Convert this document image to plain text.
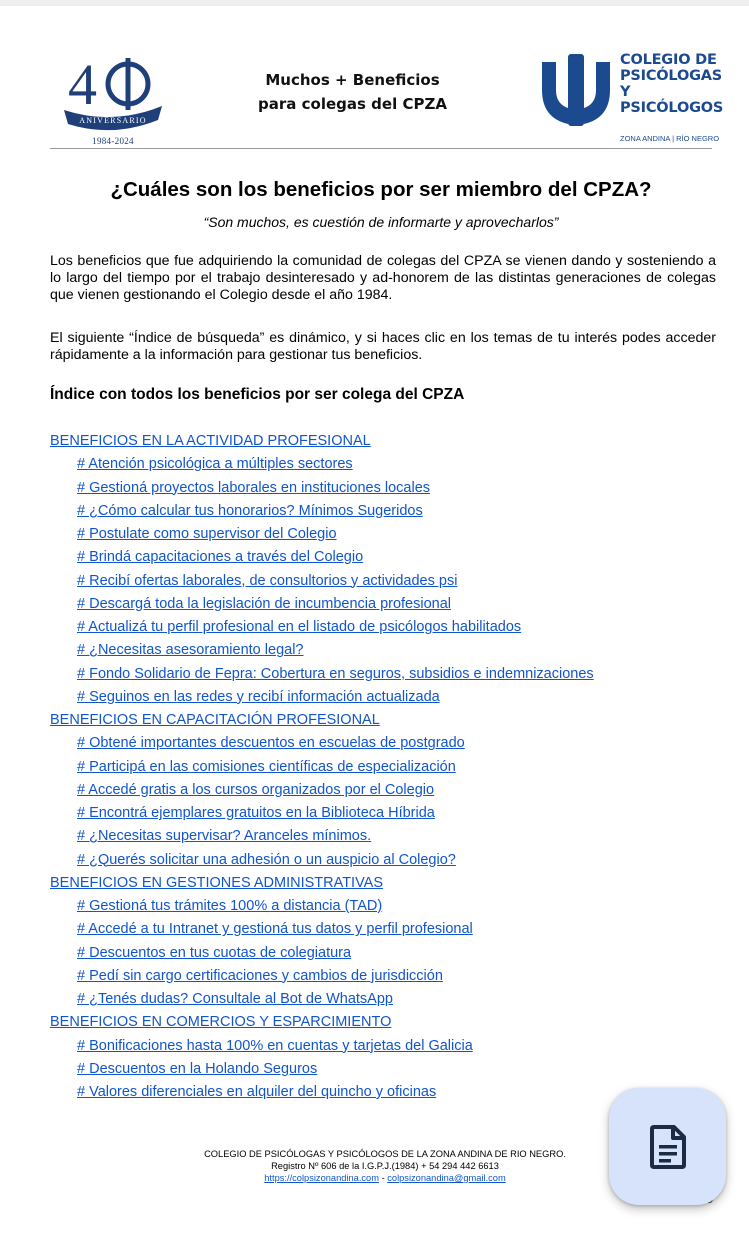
4
ANIVERSARIO
1984-2024
Muchos + Beneficios
para colegas del CPZA
COLEGIO DE
PSICÓLOGAS
Y PSICÓLOGOS
ZONA ANDINA | RÍO NEGRO
¿Cuáles son los beneficios por ser miembro del CPZA?
“Son muchos, es cuestión de informarte y aprovecharlos”
Los beneficios que fue adquiriendo la comunidad de colegas del CPZA se vienen dando y sosteniendo a lo largo del tiempo por el trabajo desinteresado y ad-honorem de las distintas generaciones de colegas que vienen gestionando el Colegio desde el año 1984.
El siguiente “Índice de búsqueda” es dinámico, y si haces clic en los temas de tu interés podes acceder rápidamente a la información para gestionar tus beneficios.
Índice con todos los beneficios por ser colega del CPZA
BENEFICIOS EN LA ACTIVIDAD PROFESIONAL
# Atención psicológica a múltiples sectores
# Gestioná proyectos laborales en instituciones locales
# ¿Cómo calcular tus honorarios? Mínimos Sugeridos
# Postulate como supervisor del Colegio
# Brindá capacitaciones a través del Colegio
# Recibí ofertas laborales, de consultorios y actividades psi
# Descargá toda la legislación de incumbencia profesional
# Actualizá tu perfil profesional en el listado de psicólogos habilitados
# ¿Necesitas asesoramiento legal?
# Fondo Solidario de Fepra: Cobertura en seguros, subsidios e indemnizaciones
# Seguinos en las redes y recibí información actualizada
BENEFICIOS EN CAPACITACIÓN PROFESIONAL
# Obtené importantes descuentos en escuelas de postgrado
# Participá en las comisiones científicas de especialización
# Accedé gratis a los cursos organizados por el Colegio
# Encontrá ejemplares gratuitos en la Biblioteca Híbrida
# ¿Necesitas supervisar? Aranceles mínimos.
# ¿Querés solicitar una adhesión o un auspicio al Colegio?
BENEFICIOS EN GESTIONES ADMINISTRATIVAS
# Gestioná tus trámites 100% a distancia (TAD)
# Accedé a tu Intranet y gestioná tus datos y perfil profesional
# Descuentos en tus cuotas de colegiatura
# Pedí sin cargo certificaciones y cambios de jurisdicción
# ¿Tenés dudas? Consultale al Bot de WhatsApp
BENEFICIOS EN COMERCIOS Y ESPARCIMIENTO
# Bonificaciones hasta 100% en cuentas y tarjetas del Galicia
# Descuentos en la Holando Seguros
# Valores diferenciales en alquiler del quincho y oficinas
COLEGIO DE PSICÓLOGAS Y PSICÓLOGOS DE LA ZONA ANDINA DE RIO NEGRO.
Registro Nº 606 de la I.G.P.J.(1984) + 54 294 442 6613
https://colpsizonandina.com - colpsizonandina@gmail.com
